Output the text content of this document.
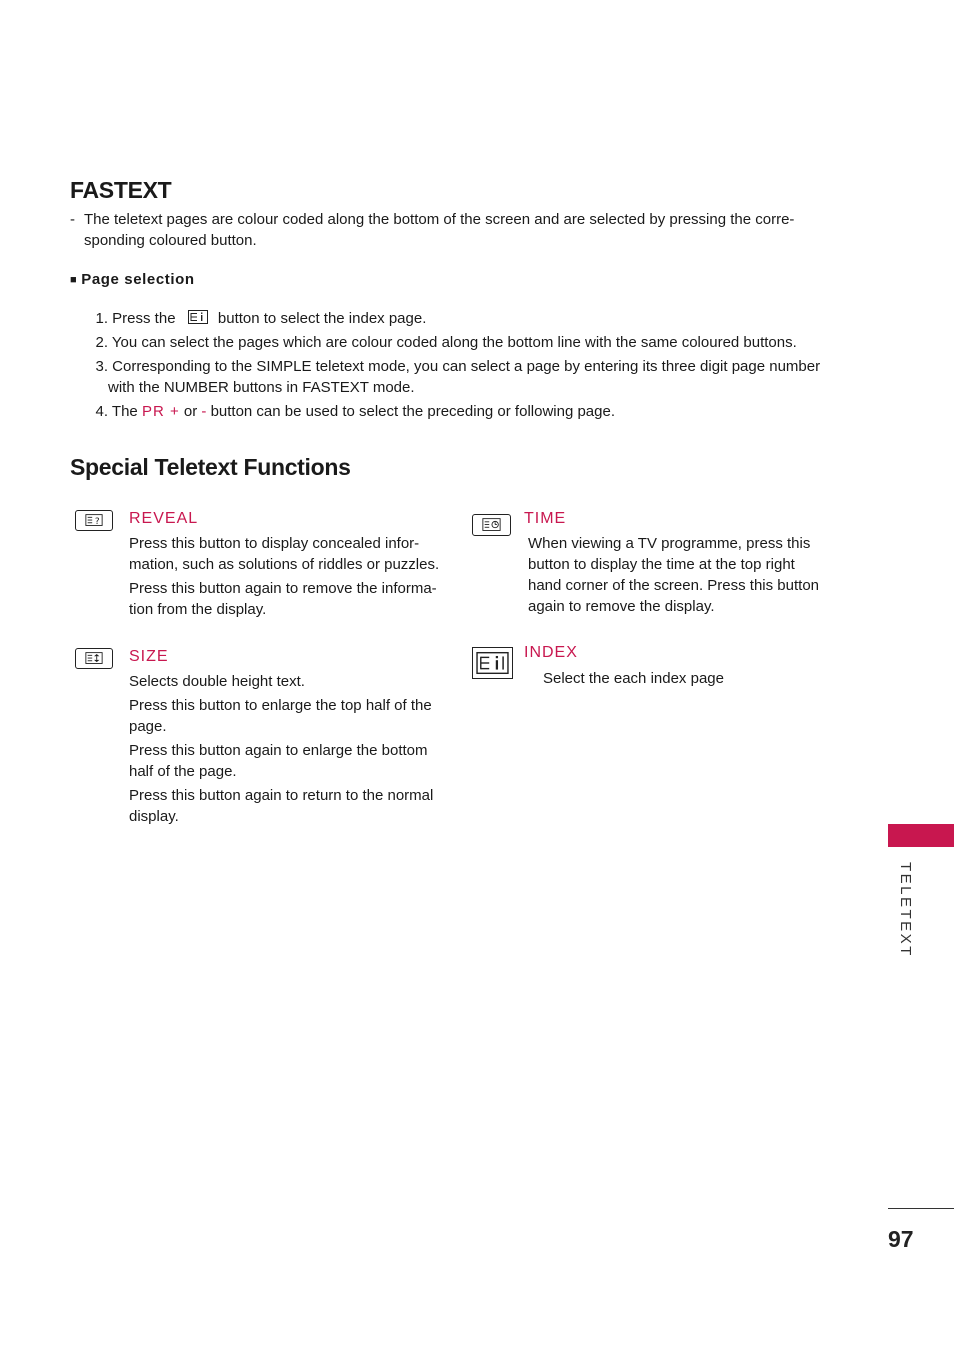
FASTEXT
- The teletext pages are colour coded along the bottom of the screen and are selected by pressing the corre-
sponding coloured button.
■ Page selection
1. Press the	button to select the index page.
2. You can select the pages which are colour coded along the bottom line with the same coloured buttons.
3. Corresponding to the SIMPLE teletext mode, you can select a page by entering its three digit page number
with the NUMBER buttons in FASTEXT mode.
4. The PR + or - button can be used to select the preceding or following page.
Special Teletext Functions
? REVEAL

Press this button to display concealed infor-
mation, such as solutions of riddles or puzzles.

Press this button again to remove the informa-
tion from the display.

SIZE

Selects double height text.

Press this button to enlarge the top half of the
page.

Press this button again to enlarge the bottom
half of the page.

Press this button again to return to the normal
display.

TIME
When viewing a TV programme, press this
button to display the time at the top right
hand corner of the screen. Press this button
again to remove the display.
INDEX
Select the each index page
TELETEXT
97
